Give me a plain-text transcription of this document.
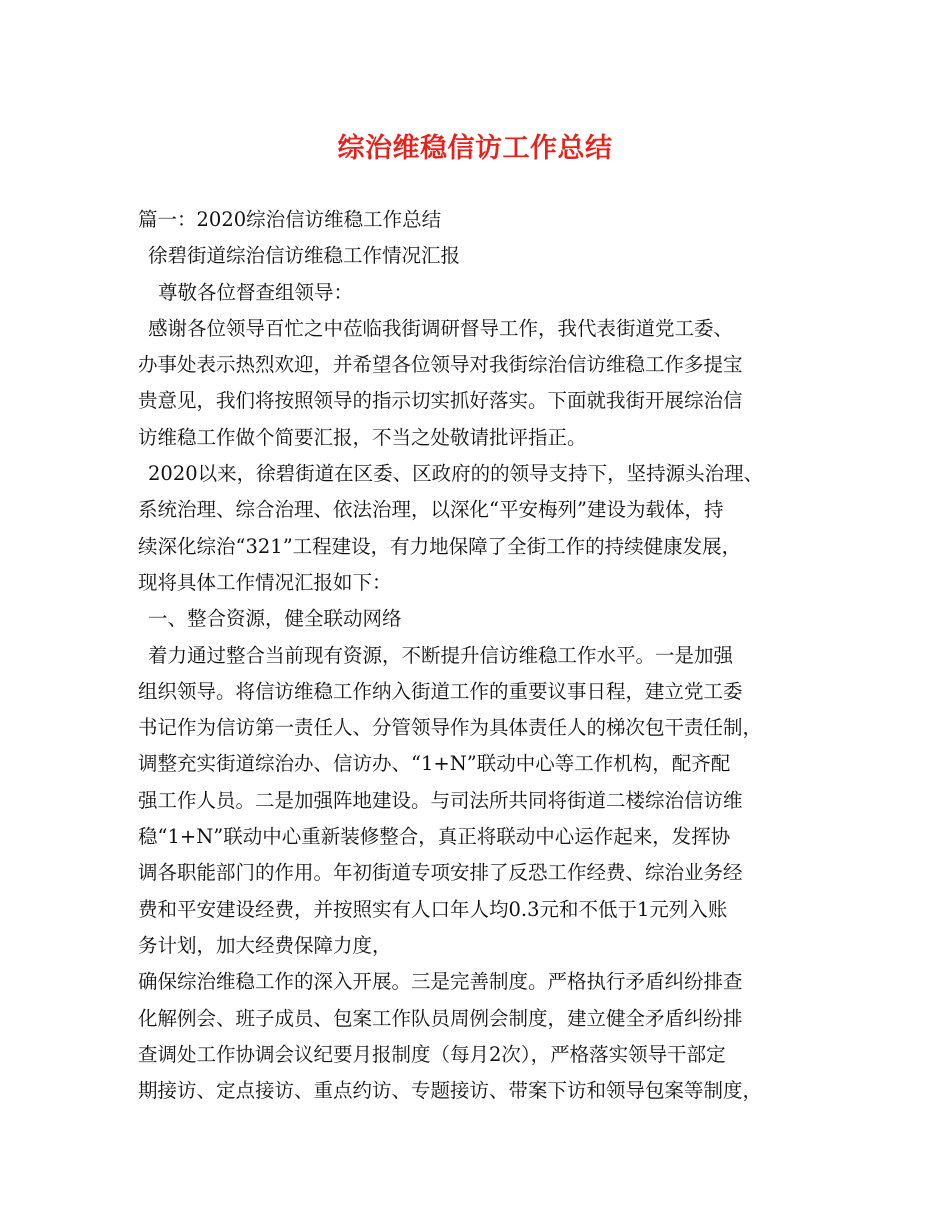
综治维稳信访工作总结
篇一：2020综治信访维稳工作总结
徐碧街道综治信访维稳工作情况汇报
尊敬各位督查组领导：
感谢各位领导百忙之中莅临我街调研督导工作，我代表街道党工委、
办事处表示热烈欢迎，并希望各位领导对我街综治信访维稳工作多提宝
贵意见，我们将按照领导的指示切实抓好落实。下面就我街开展综治信
访维稳工作做个简要汇报，不当之处敬请批评指正。
2020以来，徐碧街道在区委、区政府的的领导支持下，坚持源头治理、
系统治理、综合治理、依法治理，以深化“平安梅列”建设为载体，持
续深化综治“321”工程建设，有力地保障了全街工作的持续健康发展，
现将具体工作情况汇报如下：
一、整合资源，健全联动网络
着力通过整合当前现有资源，不断提升信访维稳工作水平。一是加强
组织领导。将信访维稳工作纳入街道工作的重要议事日程，建立党工委
书记作为信访第一责任人、分管领导作为具体责任人的梯次包干责任制，
调整充实街道综治办、信访办、“1+N”联动中心等工作机构，配齐配
强工作人员。二是加强阵地建设。与司法所共同将街道二楼综治信访维
稳“1+N”联动中心重新装修整合，真正将联动中心运作起来，发挥协
调各职能部门的作用。年初街道专项安排了反恐工作经费、综治业务经
费和平安建设经费，并按照实有人口年人均0.3元和不低于1元列入账
务计划，加大经费保障力度，
确保综治维稳工作的深入开展。三是完善制度。严格执行矛盾纠纷排查
化解例会、班子成员、包案工作队员周例会制度，建立健全矛盾纠纷排
查调处工作协调会议纪要月报制度（每月2次），严格落实领导干部定
期接访、定点接访、重点约访、专题接访、带案下访和领导包案等制度，
